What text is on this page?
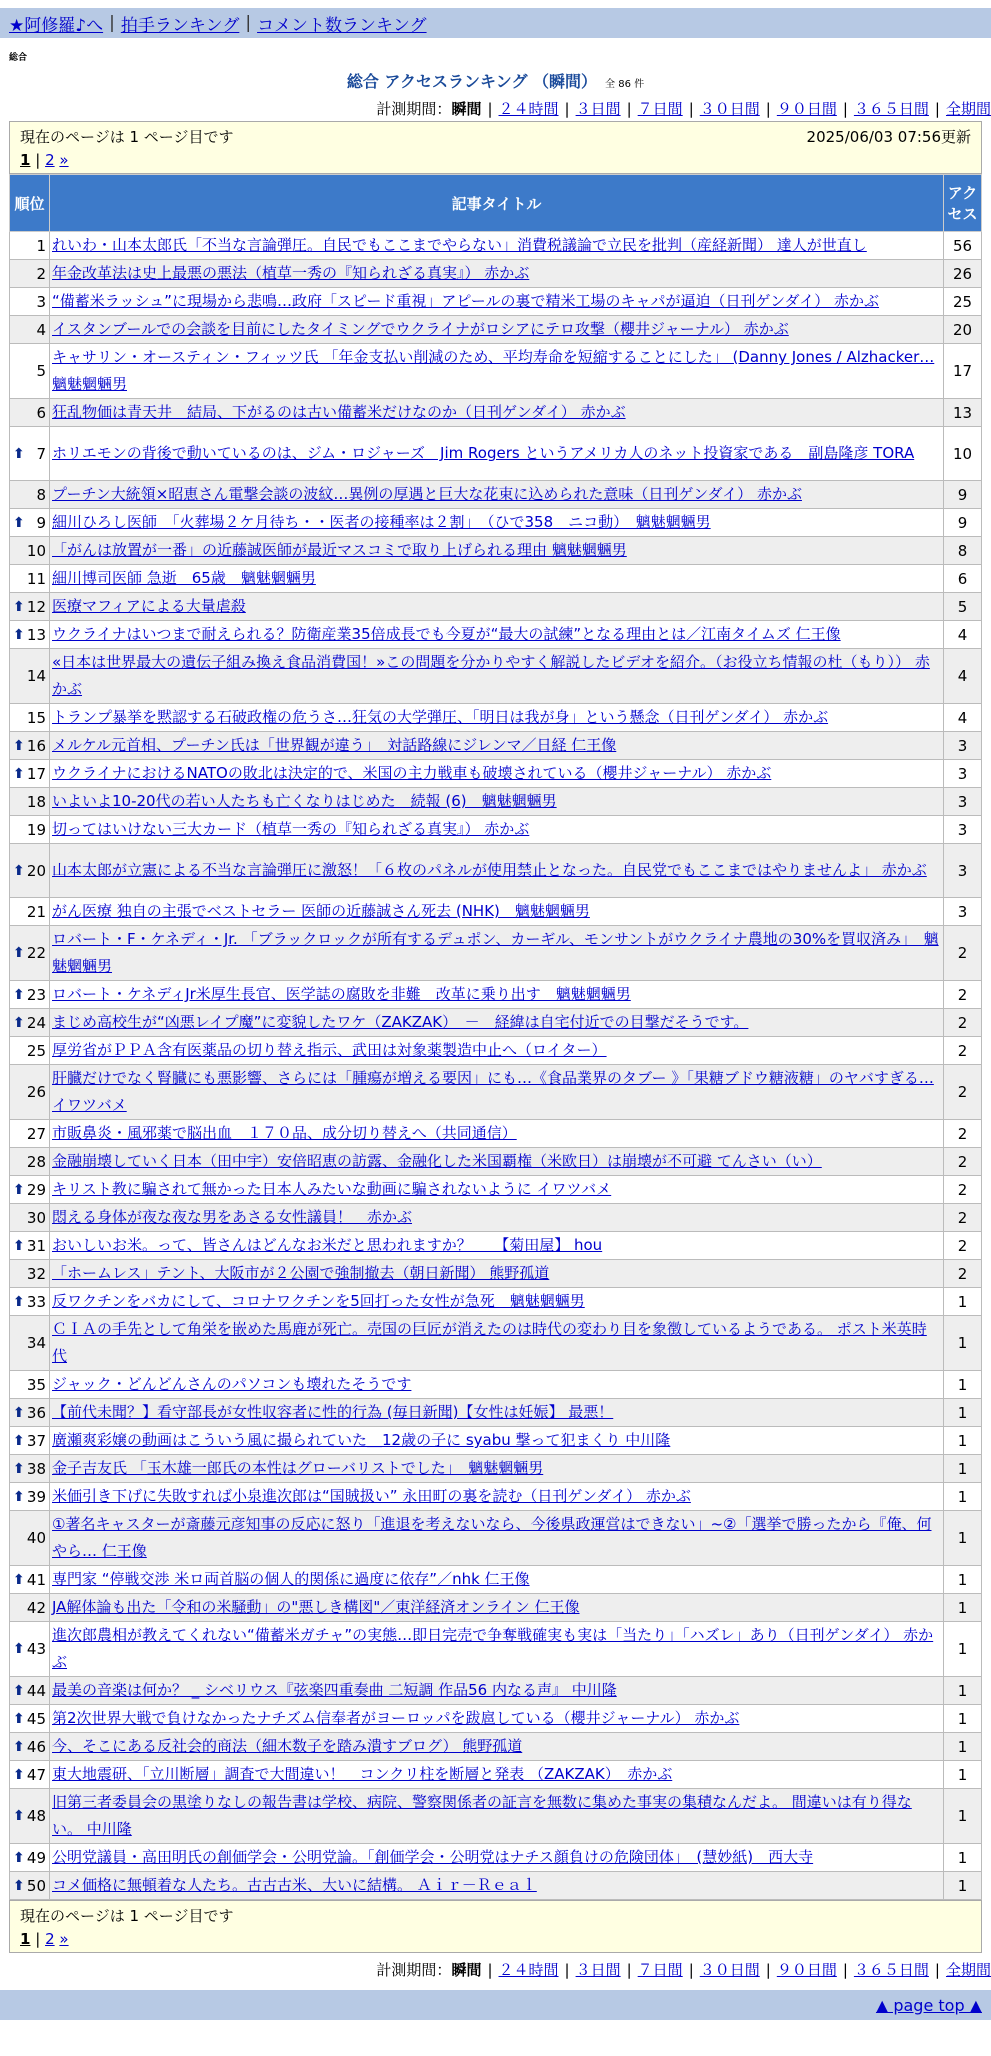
★阿修羅♪へ | 拍手ランキング | コメント数ランキング
総合
総合 アクセスランキング （瞬間） 全 86 件
計測期間：瞬間 | ２４時間 | ３日間 | ７日間 | ３０日間 | ９０日間 | ３６５日間 | 全期間
現在のページは 1 ページ目です	2025/06/03 07:56更新
1 | 2 »
順位	記事タイトル	アクセス
1	れいわ・山本太郎氏「不当な言論弾圧。自民でもここまでやらない」消費税議論で立民を批判（産経新聞） 達人が世直し	56
2	年金改革法は史上最悪の悪法（植草一秀の『知られざる真実』） 赤かぶ	26
3	“備蓄米ラッシュ”に現場から悲鳴…政府「スピード重視」アピールの裏で精米工場のキャパが逼迫（日刊ゲンダイ） 赤かぶ	25
4	イスタンブールでの会談を目前にしたタイミングでウクライナがロシアにテロ攻撃（櫻井ジャーナル） 赤かぶ	20
5	キャサリン・オースティン・フィッツ氏 「年金支払い削減のため、平均寿命を短縮することにした」 (Danny Jones / Alzhacker… 魑魅魍魎男	17
6	狂乱物価は青天井　結局、下がるのは古い備蓄米だけなのか（日刊ゲンダイ） 赤かぶ	13

⬆ 7	ホリエモンの背後で動いているのは、ジム・ロジャーズ　Jim Rogers というアメリカ人のネット投資家である　副島隆彦 TORA	10
8	プーチン大統領×昭恵さん電撃会談の波紋…異例の厚遇と巨大な花束に込められた意味（日刊ゲンダイ） 赤かぶ	9

⬆ 9	細川ひろし医師　「火葬場２ケ月待ち・・医者の接種率は２割」　（ひで358　ニコ動）　魑魅魍魎男	9
10	「がんは放置が一番」の近藤誠医師が最近マスコミで取り上げられる理由 魑魅魍魎男	8
11	細川博司医師 急逝　65歳　魑魅魍魎男	6

⬆ 12	医療マフィアによる大量虐殺	5

⬆ 13	ウクライナはいつまで耐えられる？防衛産業35倍成長でも今夏が“最大の試練”となる理由とは／江南タイムズ 仁王像	4
14	«日本は世界最大の遺伝子組み換え食品消費国！»この問題を分かりやすく解説したビデオを紹介。（お役立ち情報の杜（もり）） 赤かぶ	4
15	トランプ暴挙を黙認する石破政権の危うさ…狂気の大学弾圧、「明日は我が身」という懸念（日刊ゲンダイ） 赤かぶ	4

⬆ 16	メルケル元首相、プーチン氏は「世界観が違う」　対話路線にジレンマ／日経 仁王像	3

⬆ 17	ウクライナにおけるNATOの敗北は決定的で、米国の主力戦車も破壊されている（櫻井ジャーナル） 赤かぶ	3
18	いよいよ10-20代の若い人たちも亡くなりはじめた　続報 (6)　魑魅魍魎男	3
19	切ってはいけない三大カード（植草一秀の『知られざる真実』） 赤かぶ	3

⬆ 20	山本太郎が立憲による不当な言論弾圧に激怒！「６枚のパネルが使用禁止となった。自民党でもここまではやりませんよ」 赤かぶ	3
21	がん医療 独自の主張でベストセラー 医師の近藤誠さん死去 (NHK)　魑魅魍魎男	3

⬆ 22	ロバート・F・ケネディ・Jr. 「ブラックロックが所有するデュポン、カーギル、モンサントがウクライナ農地の30%を買収済み」　魑魅魍魎男	2

⬆ 23	ロバート・ケネディJr米厚生長官、医学誌の腐敗を非難　改革に乗り出す　魑魅魍魎男	2

⬆ 24	まじめ高校生が“凶悪レイプ魔”に変貌したワケ（ZAKZAK）　－　経緯は自宅付近での目撃だそうです。	2
25	厚労省がＰＰＡ含有医薬品の切り替え指示、武田は対象薬製造中止へ（ロイター）	2
26	肝臓だけでなく腎臓にも悪影響、さらには「腫瘍が増える要因」にも…《食品業界のタブー 》「果糖ブドウ糖液糖」のヤバすぎる… イワツバメ	2
27	市販鼻炎・風邪薬で脳出血　１７０品、成分切り替えへ（共同通信）	2
28	金融崩壊していく日本（田中宇）安倍昭恵の訪露、金融化した米国覇権（米欧日）は崩壊が不可避 てんさい（い）	2

⬆ 29	キリスト教に騙されて無かった日本人みたいな動画に騙されないように イワツバメ	2
30	悶える身体が夜な夜な男をあさる女性議員！　赤かぶ	2

⬆ 31	おいしいお米。って、皆さんはどんなお米だと思われますか？　　【菊田屋】 hou	2
32	「ホームレス」テント、大阪市が２公園で強制撤去（朝日新聞） 熊野孤道	2

⬆ 33	反ワクチンをバカにして、コロナワクチンを5回打った女性が急死　魑魅魍魎男	1
34	ＣＩＡの手先として角栄を嵌めた馬鹿が死亡。売国の巨匠が消えたのは時代の変わり目を象徴しているようである。 ポスト米英時代	1
35	ジャック・どんどんさんのパソコンも壊れたそうです	1

⬆ 36	【前代未聞？】看守部長が女性収容者に性的行為 (毎日新聞)【女性は妊娠】 最悪！	1

⬆ 37	廣瀬爽彩嬢の動画はこういう風に撮られていた＿12歳の子に syabu 撃って犯まくり 中川隆	1

⬆ 38	金子吉友氏 「玉木雄一郎氏の本性はグローバリストでした」　魑魅魍魎男	1

⬆ 39	米価引き下げに失敗すれば小泉進次郎は“国賊扱い” 永田町の裏を読む（日刊ゲンダイ） 赤かぶ	1
40	①著名キャスターが斎藤元彦知事の反応に怒り「進退を考えないなら、今後県政運営はできない」~②「選挙で勝ったから『俺、何やら… 仁王像	1

⬆ 41	専門家 “停戦交渉 米ロ両首脳の個人的関係に過度に依存”／nhk 仁王像	1
42	JA解体論も出た「令和の米騒動」の"悪しき構図"／東洋経済オンライン 仁王像	1

⬆ 43	進次郎農相が教えてくれない“備蓄米ガチャ”の実態…即日完売で争奪戦確実も実は「当たり」「ハズレ」あり（日刊ゲンダイ） 赤かぶ	1

⬆ 44	最美の音楽は何か？ _ シベリウス『弦楽四重奏曲 二短調 作品56 内なる声』 中川隆	1

⬆ 45	第2次世界大戦で負けなかったナチズム信奉者がヨーロッパを跋扈している（櫻井ジャーナル） 赤かぶ	1

⬆ 46	今、そこにある反社会的商法（細木数子を踏み潰すブログ） 熊野孤道	1

⬆ 47	東大地震研、「立川断層」調査で大間違い！　コンクリ柱を断層と発表 （ZAKZAK）　赤かぶ	1

⬆ 48	旧第三者委員会の黒塗りなしの報告書は学校、病院、警察関係者の証言を無数に集めた事実の集積なんだよ。 間違いは有り得ない。 中川隆	1

⬆ 49	公明党議員・高田明氏の創価学会・公明党論。「創価学会・公明党はナチス顔負けの危険団体」　(慧妙紙)　西大寺	1

⬆ 50	コメ価格に無頓着な人たち。古古古米、大いに結構。 Ａｉｒ－Ｒｅａｌ	1
現在のページは 1 ページ目です
1 | 2 »
計測期間：瞬間 | ２４時間 | ３日間 | ７日間 | ３０日間 | ９０日間 | ３６５日間 | 全期間
▲ page top ▲
